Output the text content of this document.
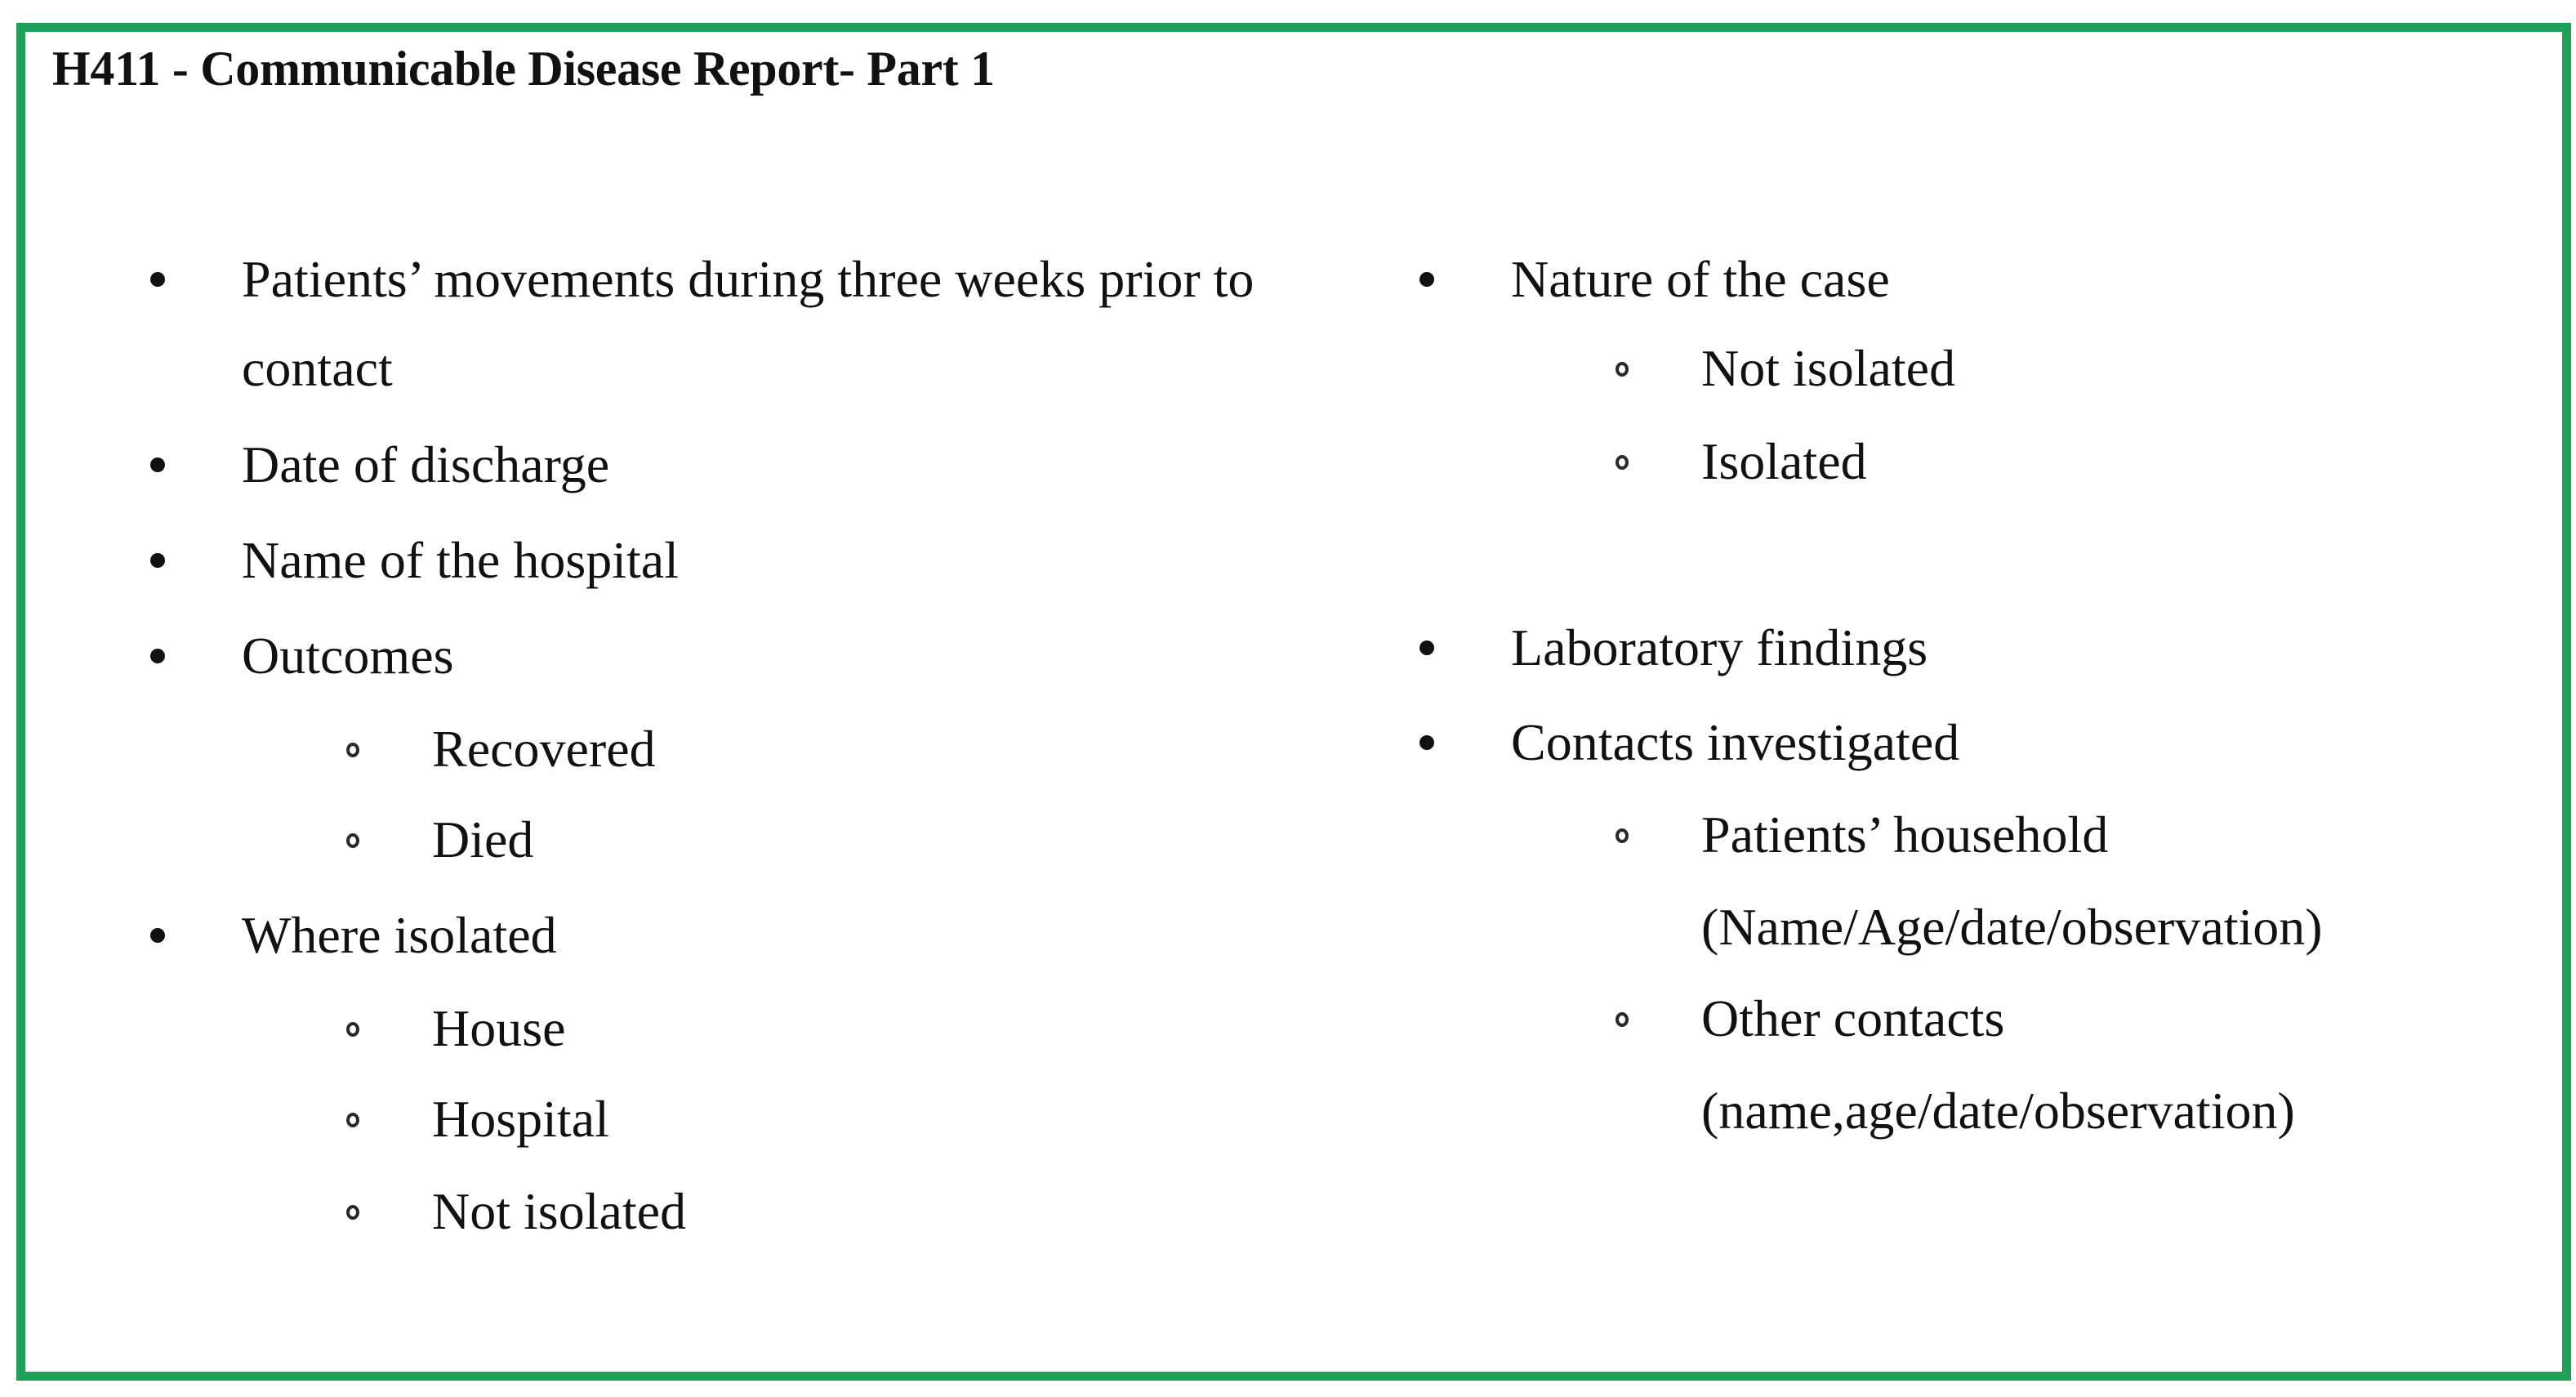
H411 - Communicable Disease Report- Part 1
Patients’ movements during three weeks prior to
contact
Date of discharge
Name of the hospital
Outcomes
Recovered
Died
Where isolated
House
Hospital
Not isolated
Nature of the case
Not isolated
Isolated
Laboratory findings
Contacts investigated
Patients’ household
(Name/Age/date/observation)
Other contacts
(name,age/date/observation)
